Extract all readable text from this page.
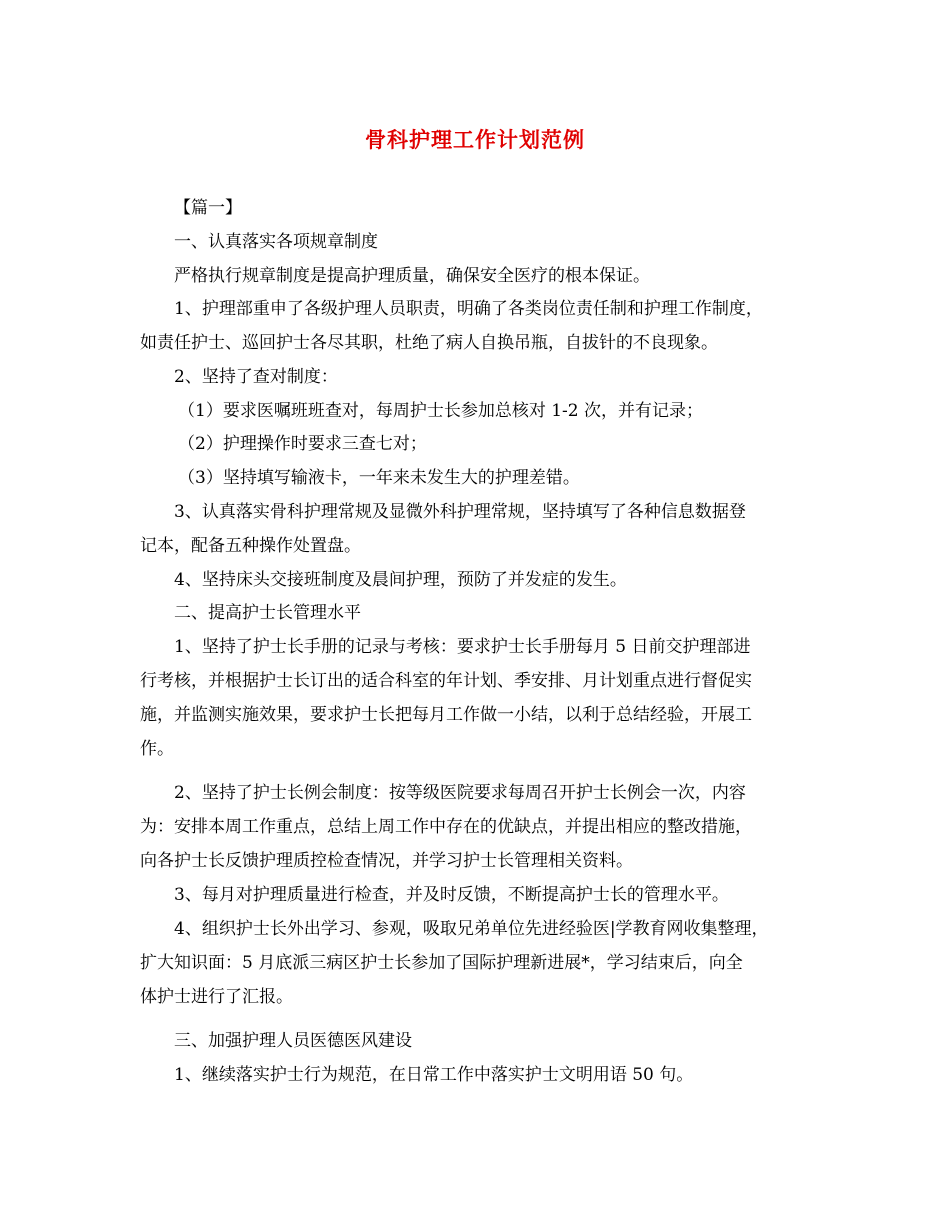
骨科护理工作计划范例
【篇一】
一、认真落实各项规章制度
严格执行规章制度是提高护理质量，确保安全医疗的根本保证。
1、护理部重申了各级护理人员职责，明确了各类岗位责任制和护理工作制度，
如责任护士、巡回护士各尽其职，杜绝了病人自换吊瓶，自拔针的不良现象。
2、坚持了查对制度：
（1）要求医嘱班班查对，每周护士长参加总核对 1-2 次，并有记录；
（2）护理操作时要求三查七对；
（3）坚持填写输液卡，一年来未发生大的护理差错。
3、认真落实骨科护理常规及显微外科护理常规，坚持填写了各种信息数据登
记本，配备五种操作处置盘。
4、坚持床头交接班制度及晨间护理，预防了并发症的发生。
二、提高护士长管理水平
1、坚持了护士长手册的记录与考核：要求护士长手册每月 5 日前交护理部进
行考核，并根据护士长订出的适合科室的年计划、季安排、月计划重点进行督促实
施，并监测实施效果，要求护士长把每月工作做一小结，以利于总结经验，开展工
作。
2、坚持了护士长例会制度：按等级医院要求每周召开护士长例会一次，内容
为：安排本周工作重点，总结上周工作中存在的优缺点，并提出相应的整改措施，
向各护士长反馈护理质控检查情况，并学习护士长管理相关资料。
3、每月对护理质量进行检查，并及时反馈，不断提高护士长的管理水平。
4、组织护士长外出学习、参观，吸取兄弟单位先进经验医|学教育网收集整理，
扩大知识面：5 月底派三病区护士长参加了国际护理新进展*，学习结束后，向全
体护士进行了汇报。
三、加强护理人员医德医风建设
1、继续落实护士行为规范，在日常工作中落实护士文明用语 50 句。
